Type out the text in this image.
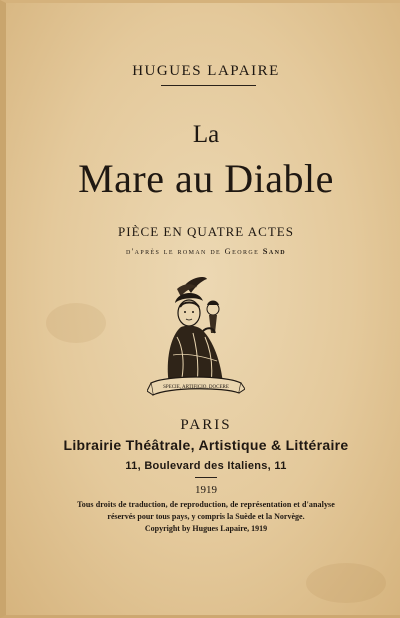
HUGUES LAPAIRE
La
Mare au Diable
PIÈCE EN QUATRE ACTES
d'après le roman de George Sand
SPECIE, ARTIFICIO, DOCERE
PARIS
Librairie Théâtrale, Artistique & Littéraire
11, Boulevard des Italiens, 11
1919
Tous droits de traduction, de reproduction, de représentation et d'analyse
réservés pour tous pays, y compris la Suède et la Norvège.
Copyright by Hugues Lapaire, 1919
